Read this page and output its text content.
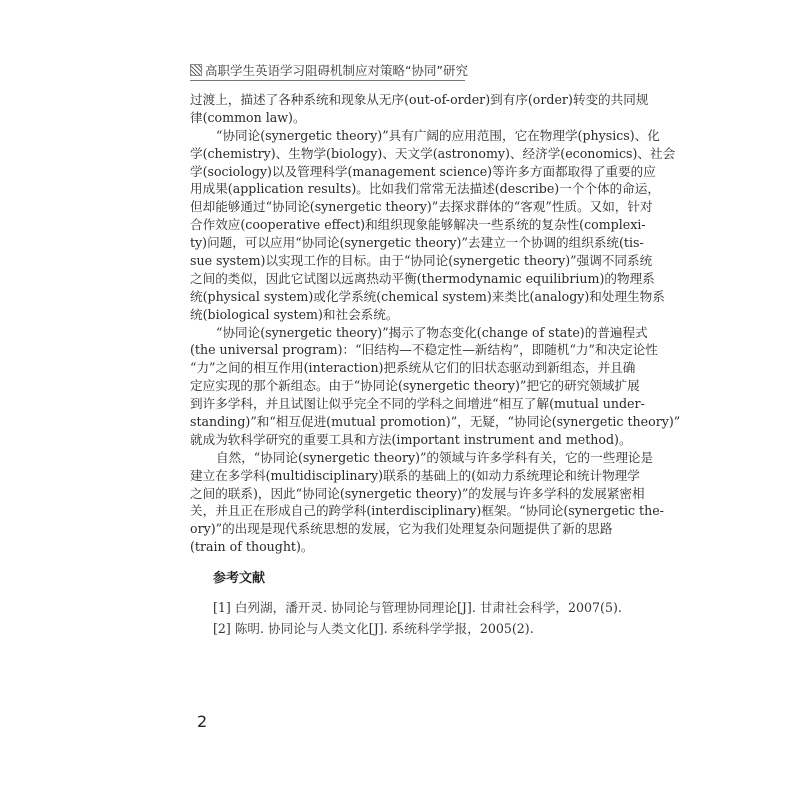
高职学生英语学习阻碍机制应对策略“协同”研究
过渡上，描述了各种系统和现象从无序(out-of-order)到有序(order)转变的共同规
律(common law)。
“协同论(synergetic theory)”具有广阔的应用范围，它在物理学(physics)、化
学(chemistry)、生物学(biology)、天文学(astronomy)、经济学(economics)、社会
学(sociology)以及管理科学(management science)等许多方面都取得了重要的应
用成果(application results)。比如我们常常无法描述(describe)一个个体的命运，
但却能够通过“协同论(synergetic theory)”去探求群体的“客观”性质。又如，针对
合作效应(cooperative effect)和组织现象能够解决一些系统的复杂性(complexi-
ty)问题，可以应用“协同论(synergetic theory)”去建立一个协调的组织系统(tis-
sue system)以实现工作的目标。由于“协同论(synergetic theory)”强调不同系统
之间的类似，因此它试图以远离热动平衡(thermodynamic equilibrium)的物理系
统(physical system)或化学系统(chemical system)来类比(analogy)和处理生物系
统(biological system)和社会系统。
“协同论(synergetic theory)”揭示了物态变化(change of state)的普遍程式
(the universal program)：“旧结构—不稳定性—新结构”，即随机“力”和决定论性
“力”之间的相互作用(interaction)把系统从它们的旧状态驱动到新组态，并且确
定应实现的那个新组态。由于“协同论(synergetic theory)”把它的研究领域扩展
到许多学科，并且试图让似乎完全不同的学科之间增进“相互了解(mutual under-
standing)”和“相互促进(mutual promotion)”，无疑，“协同论(synergetic theory)”
就成为软科学研究的重要工具和方法(important instrument and method)。
自然，“协同论(synergetic theory)”的领域与许多学科有关，它的一些理论是
建立在多学科(multidisciplinary)联系的基础上的(如动力系统理论和统计物理学
之间的联系)，因此“协同论(synergetic theory)”的发展与许多学科的发展紧密相
关，并且正在形成自己的跨学科(interdisciplinary)框架。“协同论(synergetic the-
ory)”的出现是现代系统思想的发展，它为我们处理复杂问题提供了新的思路
(train of thought)。
参考文献
[1] 白列湖，潘开灵. 协同论与管理协同理论[J]. 甘肃社会科学，2007(5).
[2] 陈明. 协同论与人类文化[J]. 系统科学学报，2005(2).
2
